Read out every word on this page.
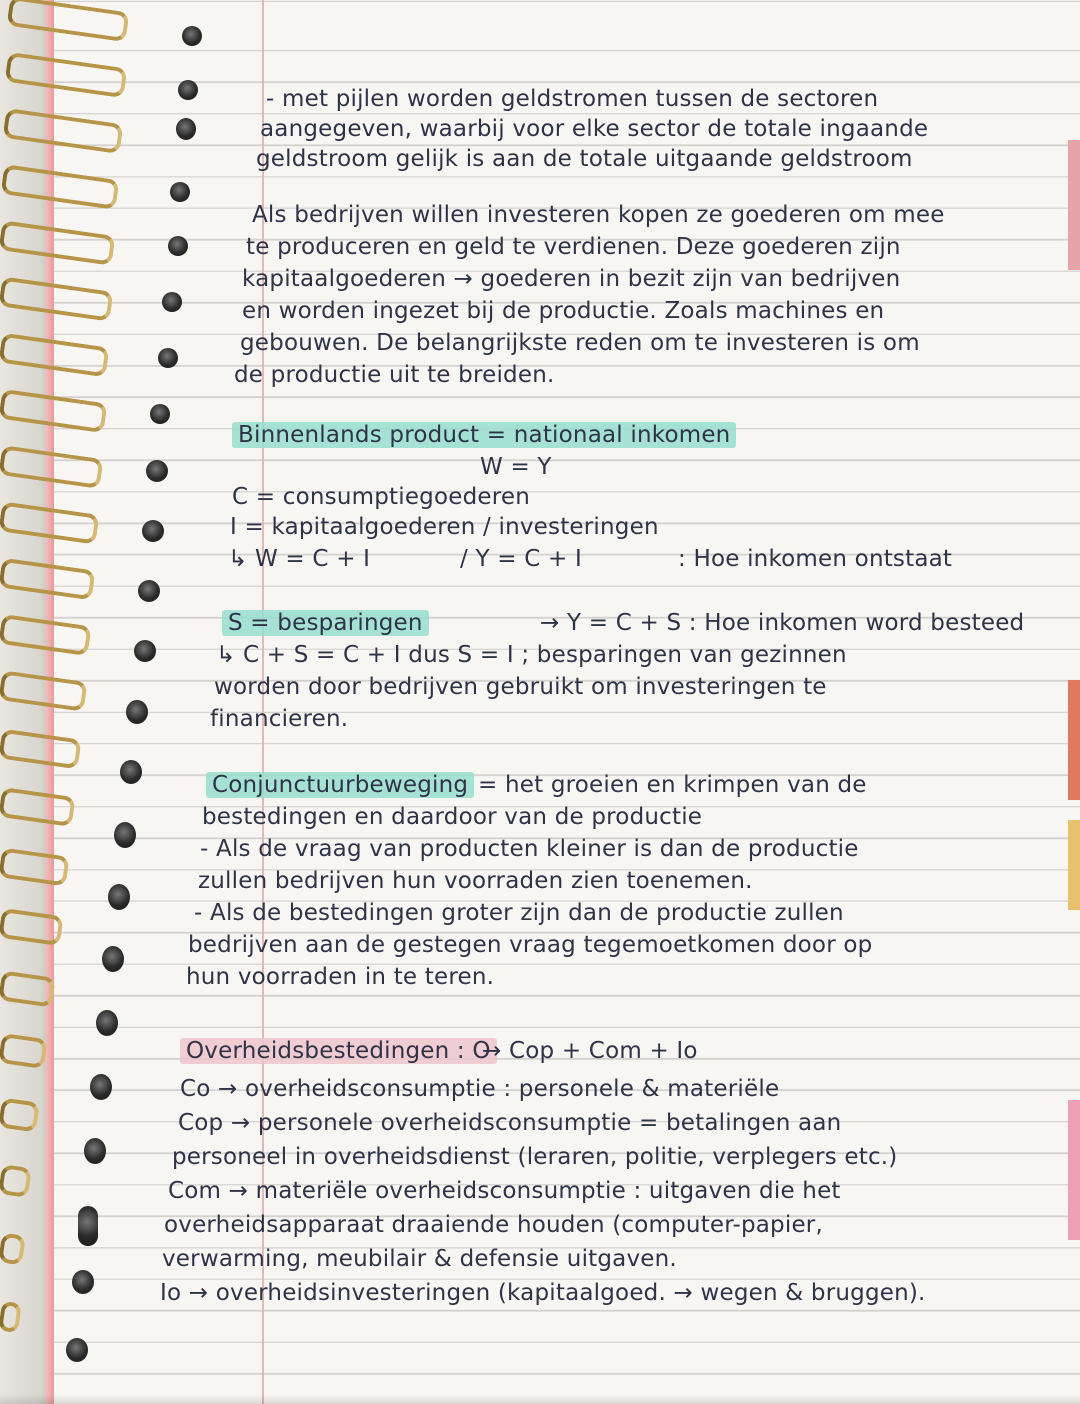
- met pijlen worden geldstromen tussen de sectoren
aangegeven, waarbij voor elke sector de totale ingaande
geldstroom gelijk is aan de totale uitgaande geldstroom
Als bedrijven willen investeren kopen ze goederen om mee
te produceren en geld te verdienen. Deze goederen zijn
kapitaalgoederen → goederen in bezit zijn van bedrijven
en worden ingezet bij de productie. Zoals machines en
gebouwen. De belangrijkste reden om te investeren is om
de productie uit te breiden.
Binnenlands product = nationaal inkomen
W = Y
C = consumptiegoederen
I = kapitaalgoederen / investeringen
↳ W = C + I	/ Y = C + I	: Hoe inkomen ontstaat
S = besparingen	→ Y = C + S : Hoe inkomen word besteed
↳ C + S = C + I dus S = I ; besparingen van gezinnen
worden door bedrijven gebruikt om investeringen te
financieren.
Conjunctuurbeweging = het groeien en krimpen van de
bestedingen en daardoor van de productie
- Als de vraag van producten kleiner is dan de productie
zullen bedrijven hun voorraden zien toenemen.
- Als de bestedingen groter zijn dan de productie zullen
bedrijven aan de gestegen vraag tegemoetkomen door op
hun voorraden in te teren.
Overheidsbestedingen : O
→ Cop + Com + Io
Co → overheidsconsumptie : personele & materiële
Cop → personele overheidsconsumptie = betalingen aan
personeel in overheidsdienst (leraren, politie, verplegers etc.)
Com → materiële overheidsconsumptie : uitgaven die het
overheidsapparaat draaiende houden (computer-papier,
verwarming, meubilair & defensie uitgaven.
Io → overheidsinvesteringen (kapitaalgoed. → wegen & bruggen).
